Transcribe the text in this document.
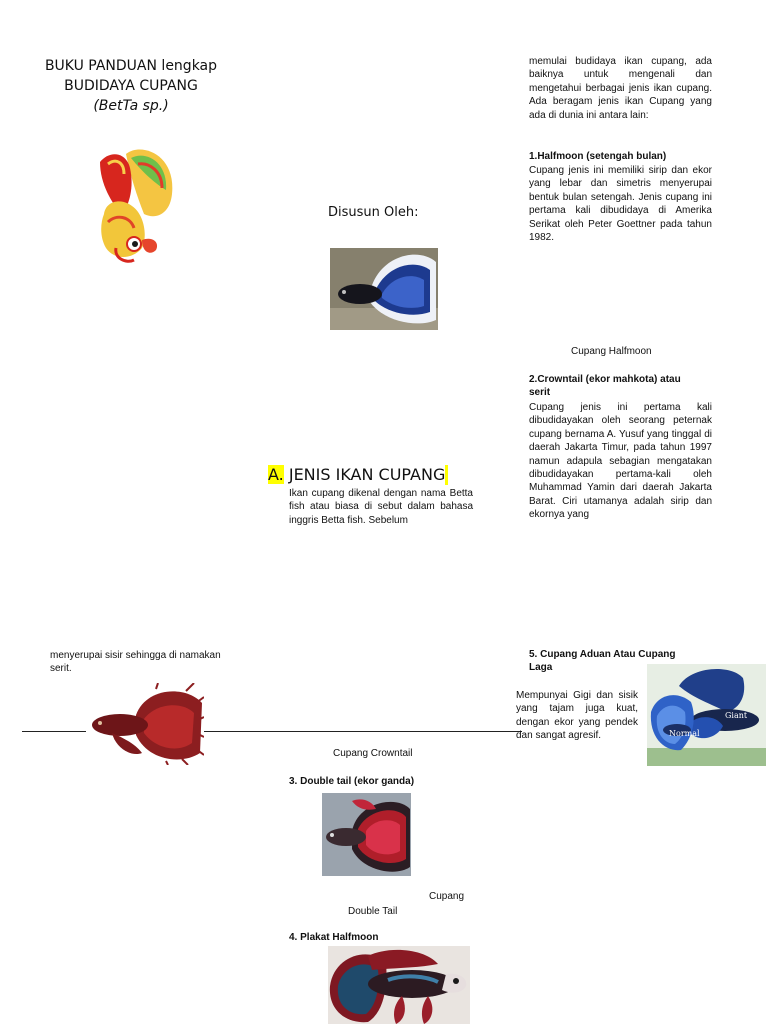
BUKU PANDUAN lengkap
BUDIDAYA CUPANG
(BetTa sp.)
Disusun Oleh:
Cupang Halfmoon
A. JENIS IKAN CUPANG

Ikan cupang dikenal dengan nama Betta fish atau biasa di sebut dalam bahasa inggris Betta fish. Sebelum

memulai budidaya ikan cupang, ada baiknya untuk mengenali dan mengetahui berbagai jenis ikan cupang. Ada beragam jenis ikan Cupang yang ada di dunia ini antara lain:

1.Halfmoon (setengah bulan)

Cupang jenis ini memiliki sirip dan ekor yang lebar dan simetris menyerupai bentuk bulan setengah. Jenis cupang ini pertama kali dibudidaya di Amerika Serikat oleh Peter Goettner pada tahun 1982.

2.Crowntail (ekor mahkota) atau serit

Cupang jenis ini pertama kali dibudidayakan oleh seorang peternak cupang bernama A. Yusuf yang tinggal di daerah Jakarta Timur, pada tahun 1997 namun adapula sebagian mengatakan dibudidayakan pertama-kali oleh Muhammad Yamin dari daerah Jakarta Barat. Ciri utamanya adalah sirip dan ekornya yang

menyerupai sisir sehingga di namakan serit.

Cupang Crowntail

3. Double tail (ekor ganda)

Cupang
Double Tail

4. Plakat Halfmoon

5. Cupang Aduan Atau Cupang
Laga

Mempunyai Gigi dan sisik yang tajam juga kuat, dengan ekor yang pendek dan sangat agresif.

Giant
Normal
